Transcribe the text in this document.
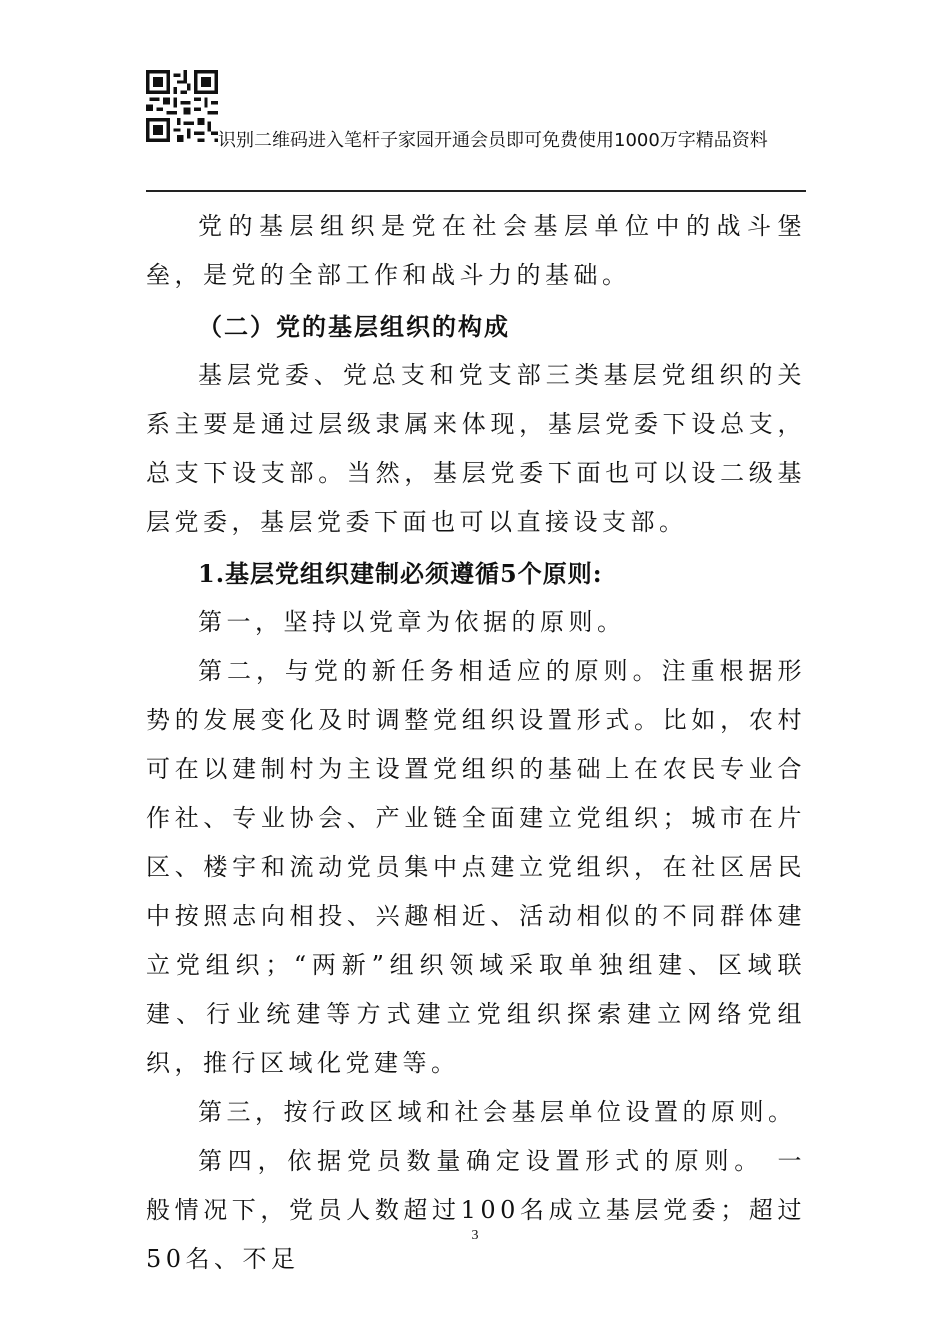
识别二维码进入笔杆子家园开通会员即可免费使用1000万字精品资料

党的基层组织是党在社会基层单位中的战斗堡垒，是党的全部工作和战斗力的基础。

（二）党的基层组织的构成

基层党委、党总支和党支部三类基层党组织的关系主要是通过层级隶属来体现，基层党委下设总支，总支下设支部。当然，基层党委下面也可以设二级基层党委，基层党委下面也可以直接设支部。

1.基层党组织建制必须遵循5个原则:

第一，坚持以党章为依据的原则。

第二，与党的新任务相适应的原则。注重根据形势的发展变化及时调整党组织设置形式。比如，农村可在以建制村为主设置党组织的基础上在农民专业合作社、专业协会、产业链全面建立党组织；城市在片区、楼宇和流动党员集中点建立党组织，在社区居民中按照志向相投、兴趣相近、活动相似的不同群体建立党组织；“两新”组织领域采取单独组建、区域联建、行业统建等方式建立党组织探索建立网络党组织，推行区域化党建等。

第三，按行政区域和社会基层单位设置的原则。

第四，依据党员数量确定设置形式的原则。 一般情况下，党员人数超过100名成立基层党委；超过50名、不足

3
